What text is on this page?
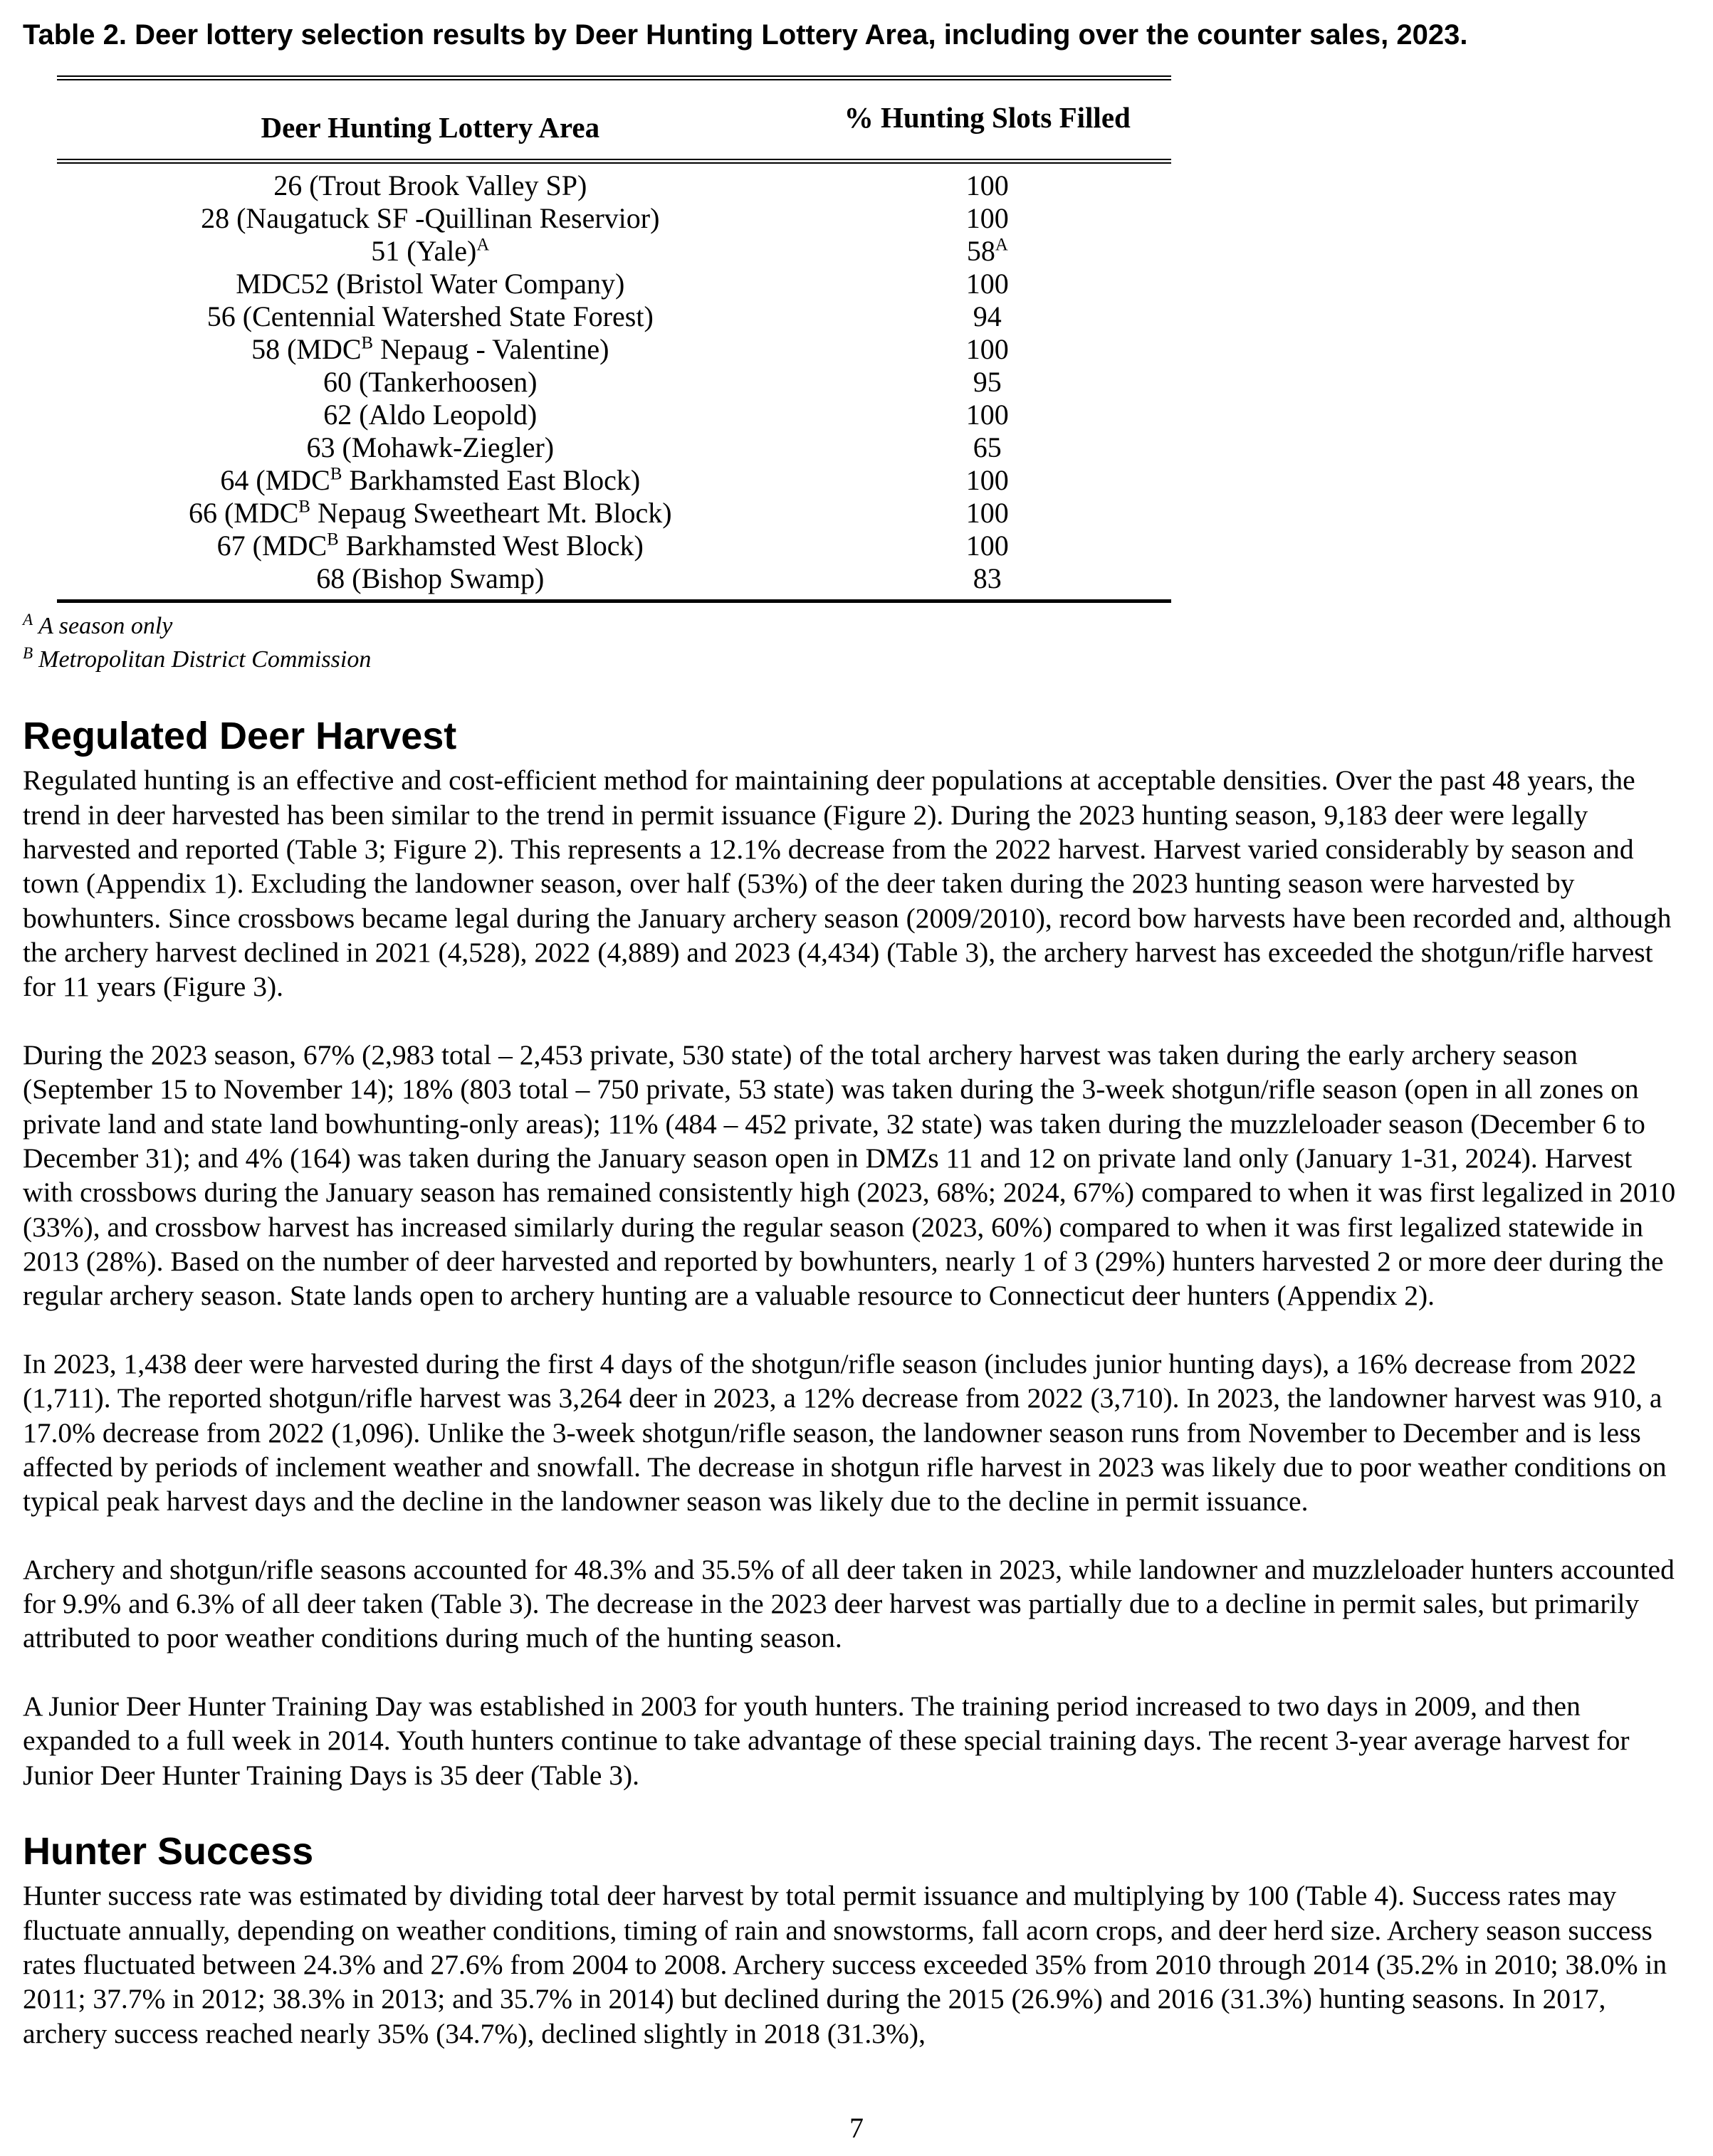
Table 2. Deer lottery selection results by Deer Hunting Lottery Area, including over the counter sales, 2023.
Deer Hunting Lottery Area	% Hunting Slots Filled
26 (Trout Brook Valley SP)	100
28 (Naugatuck SF -Quillinan Reservior)	100
51 (Yale)$^A$	$58^A$
MDC52 (Bristol Water Company)	100
56 (Centennial Watershed State Forest)	94
58 ($MDC^B$ Nepaug - Valentine)	100
60 (Tankerhoosen)	95
62 (Aldo Leopold)	100
63 (Mohawk-Ziegler)	65
64 ($MDC^B$ Barkhamsted East Block)	100
66 ($MDC^B$ Nepaug Sweetheart Mt. Block)	100
67 ($MDC^B$ Barkhamsted West Block)	100
68 (Bishop Swamp)	83
$^A$ A season only
$^B$ Metropolitan District Commission
Regulated Deer Harvest

Regulated hunting is an effective and cost-efficient method for maintaining deer populations at acceptable densities. Over the past 48 years, the trend in deer harvested has been similar to the trend in permit issuance (Figure 2). During the 2023 hunting season, 9,183 deer were legally harvested and reported (Table 3; Figure 2). This represents a 12.1% decrease from the 2022 harvest. Harvest varied considerably by season and town (Appendix 1). Excluding the landowner season, over half (53%) of the deer taken during the 2023 hunting season were harvested by bowhunters. Since crossbows became legal during the January archery season (2009/2010), record bow harvests have been recorded and, although the archery harvest declined in 2021 (4,528), 2022 (4,889) and 2023 (4,434) (Table 3), the archery harvest has exceeded the shotgun/rifle harvest for 11 years (Figure 3).

During the 2023 season, 67% (2,983 total – 2,453 private, 530 state) of the total archery harvest was taken during the early archery season (September 15 to November 14); 18% (803 total – 750 private, 53 state) was taken during the 3-week shotgun/rifle season (open in all zones on private land and state land bowhunting-only areas); 11% (484 – 452 private, 32 state) was taken during the muzzleloader season (December 6 to December 31); and 4% (164) was taken during the January season open in DMZs 11 and 12 on private land only (January 1-31, 2024). Harvest with crossbows during the January season has remained consistently high (2023, 68%; 2024, 67%) compared to when it was first legalized in 2010 (33%), and crossbow harvest has increased similarly during the regular season (2023, 60%) compared to when it was first legalized statewide in 2013 (28%). Based on the number of deer harvested and reported by bowhunters, nearly 1 of 3 (29%) hunters harvested 2 or more deer during the regular archery season. State lands open to archery hunting are a valuable resource to Connecticut deer hunters (Appendix 2).

In 2023, 1,438 deer were harvested during the first 4 days of the shotgun/rifle season (includes junior hunting days), a 16% decrease from 2022 (1,711). The reported shotgun/rifle harvest was 3,264 deer in 2023, a 12% decrease from 2022 (3,710). In 2023, the landowner harvest was 910, a 17.0% decrease from 2022 (1,096). Unlike the 3-week shotgun/rifle season, the landowner season runs from November to December and is less affected by periods of inclement weather and snowfall. The decrease in shotgun rifle harvest in 2023 was likely due to poor weather conditions on typical peak harvest days and the decline in the landowner season was likely due to the decline in permit issuance.

Archery and shotgun/rifle seasons accounted for 48.3% and 35.5% of all deer taken in 2023, while landowner and muzzleloader hunters accounted for 9.9% and 6.3% of all deer taken (Table 3). The decrease in the 2023 deer harvest was partially due to a decline in permit sales, but primarily attributed to poor weather conditions during much of the hunting season.

A Junior Deer Hunter Training Day was established in 2003 for youth hunters. The training period increased to two days in 2009, and then expanded to a full week in 2014. Youth hunters continue to take advantage of these special training days. The recent 3-year average harvest for Junior Deer Hunter Training Days is 35 deer (Table 3).

Hunter Success

Hunter success rate was estimated by dividing total deer harvest by total permit issuance and multiplying by 100 (Table 4). Success rates may fluctuate annually, depending on weather conditions, timing of rain and snowstorms, fall acorn crops, and deer herd size. Archery season success rates fluctuated between 24.3% and 27.6% from 2004 to 2008. Archery success exceeded 35% from 2010 through 2014 (35.2% in 2010; 38.0% in 2011; 37.7% in 2012; 38.3% in 2013; and 35.7% in 2014) but declined during the 2015 (26.9%) and 2016 (31.3%) hunting seasons. In 2017, archery success reached nearly 35% (34.7%), declined slightly in 2018 (31.3%),

7
